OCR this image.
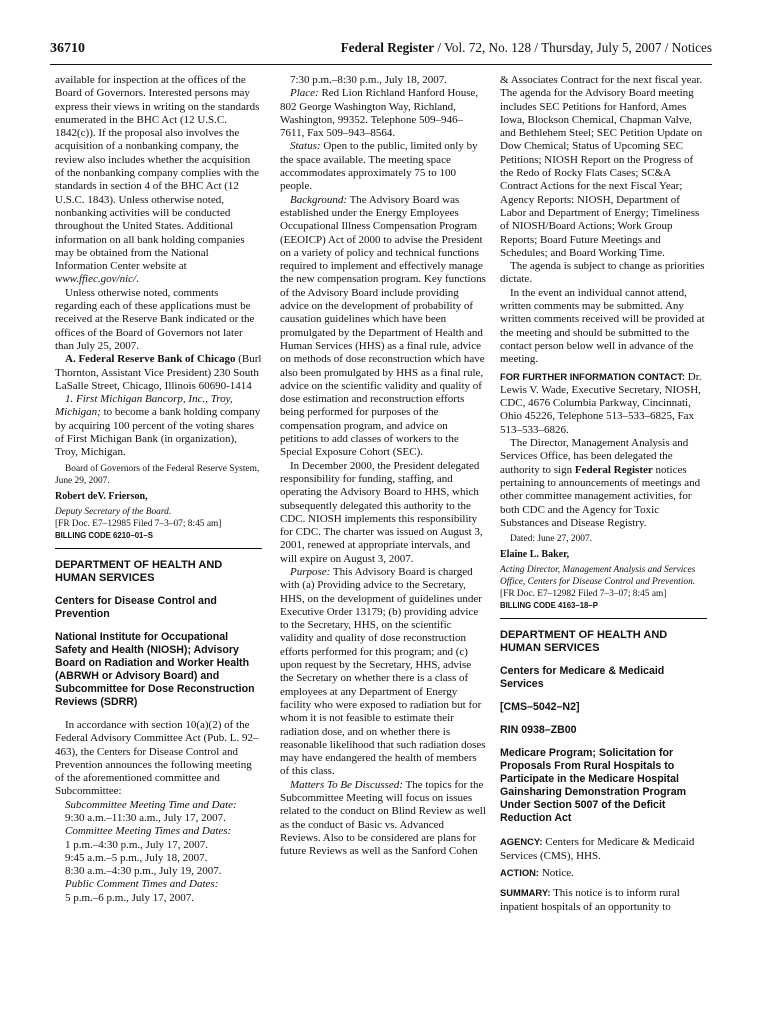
36710	Federal Register / Vol. 72, No. 128 / Thursday, July 5, 2007 / Notices

available for inspection at the offices of the Board of Governors. Interested persons may express their views in writing on the standards enumerated in the BHC Act (12 U.S.C. 1842(c)). If the proposal also involves the acquisition of a nonbanking company, the review also includes whether the acquisition of the nonbanking company complies with the standards in section 4 of the BHC Act (12 U.S.C. 1843). Unless otherwise noted, nonbanking activities will be conducted throughout the United States. Additional information on all bank holding companies may be obtained from the National Information Center website at www.ffiec.gov/nic/.

Unless otherwise noted, comments regarding each of these applications must be received at the Reserve Bank indicated or the offices of the Board of Governors not later than July 25, 2007.

A. Federal Reserve Bank of Chicago (Burl Thornton, Assistant Vice President) 230 South LaSalle Street, Chicago, Illinois 60690-1414

1. First Michigan Bancorp, Inc., Troy, Michigan; to become a bank holding company by acquiring 100 percent of the voting shares of First Michigan Bank (in organization), Troy, Michigan.

Board of Governors of the Federal Reserve System, June 29, 2007.

Robert deV. Frierson,

Deputy Secretary of the Board.

[FR Doc. E7–12985 Filed 7–3–07; 8:45 am]

BILLING CODE 6210–01–S

DEPARTMENT OF HEALTH AND HUMAN SERVICES

Centers for Disease Control and Prevention

National Institute for Occupational Safety and Health (NIOSH); Advisory Board on Radiation and Worker Health (ABRWH or Advisory Board) and Subcommittee for Dose Reconstruction Reviews (SDRR)

In accordance with section 10(a)(2) of the Federal Advisory Committee Act (Pub. L. 92–463), the Centers for Disease Control and Prevention announces the following meeting of the aforementioned committee and Subcommittee:

Subcommittee Meeting Time and Date:

9:30 a.m.–11:30 a.m., July 17, 2007.

Committee Meeting Times and Dates:

1 p.m.–4:30 p.m., July 17, 2007.

9:45 a.m.–5 p.m., July 18, 2007.

8:30 a.m.–4:30 p.m., July 19, 2007.

Public Comment Times and Dates:

5 p.m.–6 p.m., July 17, 2007.

7:30 p.m.–8:30 p.m., July 18, 2007.

Place: Red Lion Richland Hanford House, 802 George Washington Way, Richland, Washington, 99352. Telephone 509–946–7611, Fax 509–943–8564.

Status: Open to the public, limited only by the space available. The meeting space accommodates approximately 75 to 100 people.

Background: The Advisory Board was established under the Energy Employees Occupational Illness Compensation Program (EEOICP) Act of 2000 to advise the President on a variety of policy and technical functions required to implement and effectively manage the new compensation program. Key functions of the Advisory Board include providing advice on the development of probability of causation guidelines which have been promulgated by the Department of Health and Human Services (HHS) as a final rule, advice on methods of dose reconstruction which have also been promulgated by HHS as a final rule, advice on the scientific validity and quality of dose estimation and reconstruction efforts being performed for purposes of the compensation program, and advice on petitions to add classes of workers to the Special Exposure Cohort (SEC).

In December 2000, the President delegated responsibility for funding, staffing, and operating the Advisory Board to HHS, which subsequently delegated this authority to the CDC. NIOSH implements this responsibility for CDC. The charter was issued on August 3, 2001, renewed at appropriate intervals, and will expire on August 3, 2007.

Purpose: This Advisory Board is charged with (a) Providing advice to the Secretary, HHS, on the development of guidelines under Executive Order 13179; (b) providing advice to the Secretary, HHS, on the scientific validity and quality of dose reconstruction efforts performed for this program; and (c) upon request by the Secretary, HHS, advise the Secretary on whether there is a class of employees at any Department of Energy facility who were exposed to radiation but for whom it is not feasible to estimate their radiation dose, and on whether there is reasonable likelihood that such radiation doses may have endangered the health of members of this class.

Matters To Be Discussed: The topics for the Subcommittee Meeting will focus on issues related to the conduct on Blind Review as well as the conduct of Basic vs. Advanced Reviews. Also to be considered are plans for future Reviews as well as the Sanford Cohen

& Associates Contract for the next fiscal year. The agenda for the Advisory Board meeting includes SEC Petitions for Hanford, Ames Iowa, Blockson Chemical, Chapman Valve, and Bethlehem Steel; SEC Petition Update on Dow Chemical; Status of Upcoming SEC Petitions; NIOSH Report on the Progress of the Redo of Rocky Flats Cases; SC&A Contract Actions for the next Fiscal Year; Agency Reports: NIOSH, Department of Labor and Department of Energy; Timeliness of NIOSH/Board Actions; Work Group Reports; Board Future Meetings and Schedules; and Board Working Time.

The agenda is subject to change as priorities dictate.

In the event an individual cannot attend, written comments may be submitted. Any written comments received will be provided at the meeting and should be submitted to the contact person below well in advance of the meeting.

FOR FURTHER INFORMATION CONTACT: Dr. Lewis V. Wade, Executive Secretary, NIOSH, CDC, 4676 Columbia Parkway, Cincinnati, Ohio 45226, Telephone 513–533–6825, Fax 513–533–6826.

The Director, Management Analysis and Services Office, has been delegated the authority to sign Federal Register notices pertaining to announcements of meetings and other committee management activities, for both CDC and the Agency for Toxic Substances and Disease Registry.

Dated: June 27, 2007.

Elaine L. Baker,

Acting Director, Management Analysis and Services Office, Centers for Disease Control and Prevention.

[FR Doc. E7–12982 Filed 7–3–07; 8:45 am]

BILLING CODE 4163–18–P

DEPARTMENT OF HEALTH AND HUMAN SERVICES

Centers for Medicare & Medicaid Services

[CMS–5042–N2]

RIN 0938–ZB00

Medicare Program; Solicitation for Proposals From Rural Hospitals to Participate in the Medicare Hospital Gainsharing Demonstration Program Under Section 5007 of the Deficit Reduction Act

AGENCY: Centers for Medicare & Medicaid Services (CMS), HHS.

ACTION: Notice.

SUMMARY: This notice is to inform rural inpatient hospitals of an opportunity to
